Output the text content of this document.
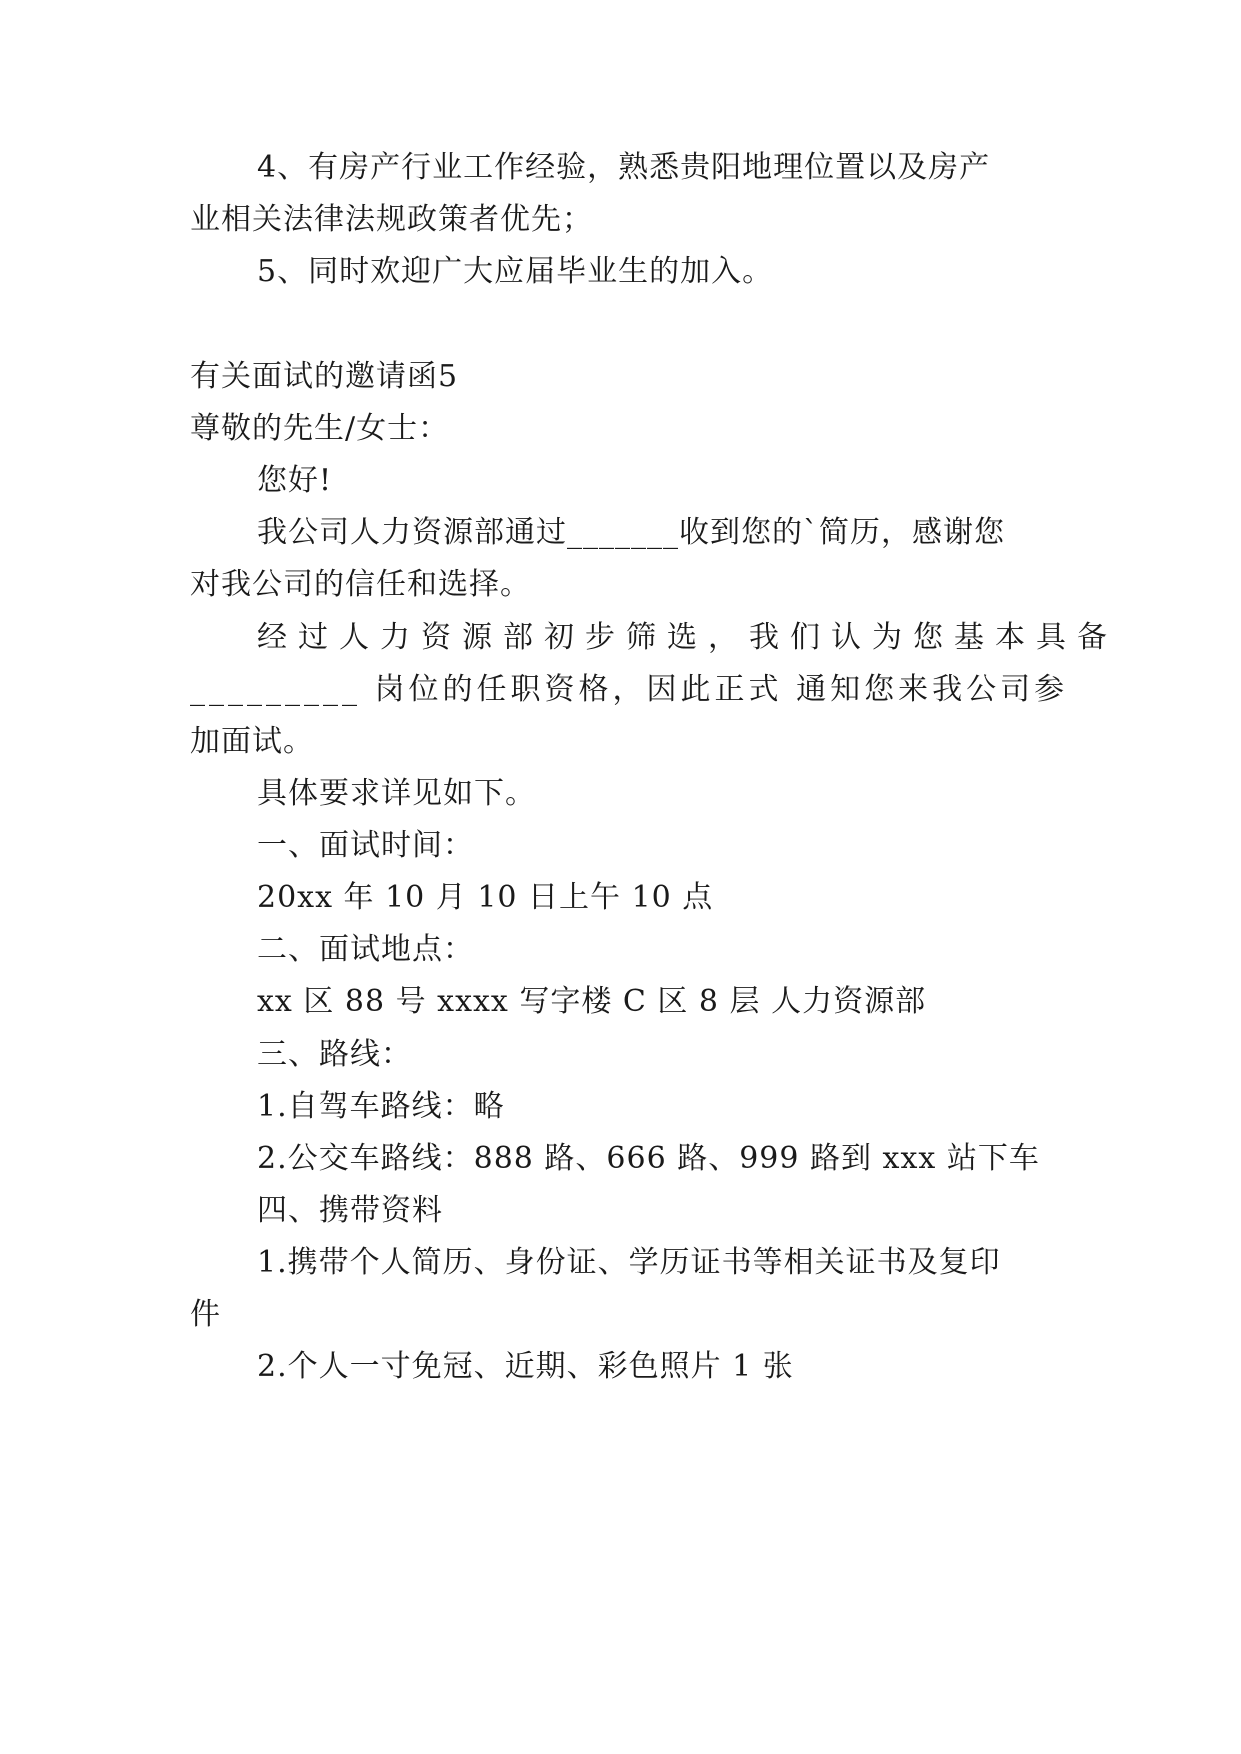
4、有房产行业工作经验，熟悉贵阳地理位置以及房产
业相关法律法规政策者优先；
5、同时欢迎广大应届毕业生的加入。
有关面试的邀请函5
尊敬的先生/女士：
您好!
我公司人力资源部通过_______收到您的`简历，感谢您
对我公司的信任和选择。
经过人力资源部初步筛选，我们认为您基本具备
_________ 岗位的任职资格，因此正式 通知您来我公司参
加面试。
具体要求详见如下。
一、面试时间：
20xx 年 10 月 10 日上午 10 点
二、面试地点：
xx 区 88 号 xxxx 写字楼 C 区 8 层 人力资源部
三、路线：
1.自驾车路线：略
2.公交车路线：888 路、666 路、999 路到 xxx 站下车
四、携带资料
1.携带个人简历、身份证、学历证书等相关证书及复印
件
2.个人一寸免冠、近期、彩色照片 1 张
